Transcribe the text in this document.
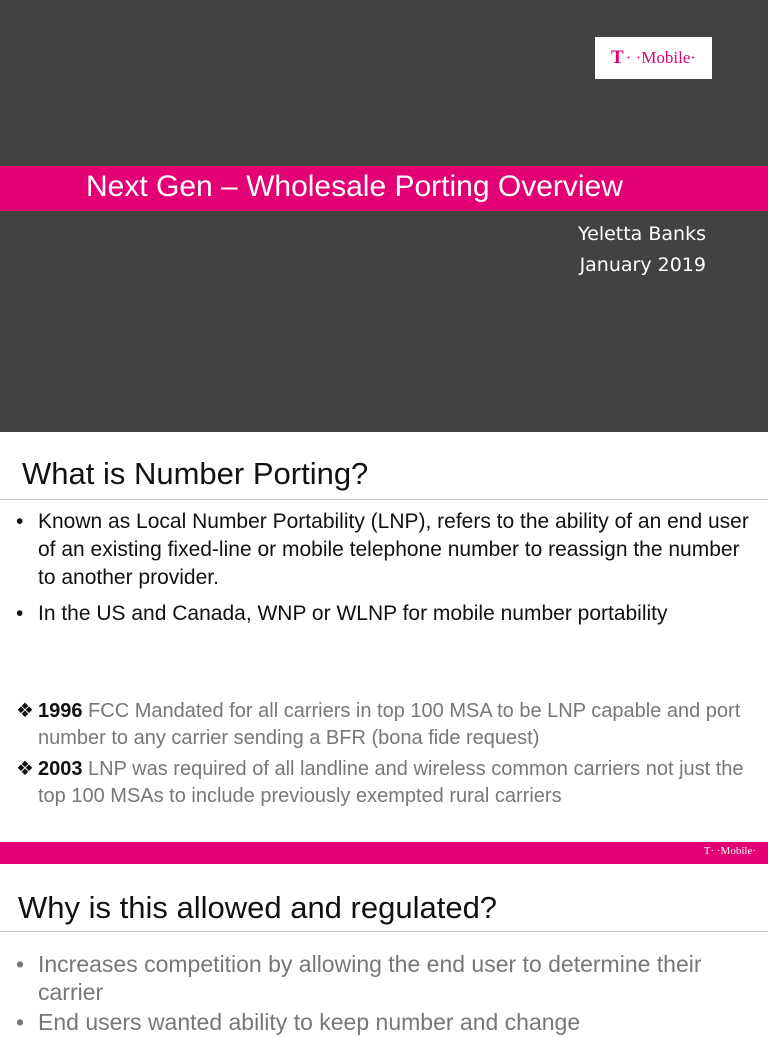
T · ·Mobile·
Next Gen – Wholesale Porting Overview
Yeletta Banks
January 2019
What is Number Porting?
• Known as Local Number Portability (LNP), refers to the ability of an end user of an existing fixed-line or mobile telephone number to reassign the number to another provider.
• In the US and Canada, WNP or WLNP for mobile number portability
❖ 1996 FCC Mandated for all carriers in top 100 MSA to be LNP capable and port number to any carrier sending a BFR (bona fide request)
❖ 2003 LNP was required of all landline and wireless common carriers not just the top 100 MSAs to include previously exempted rural carriers
T· ·Mobile·
Why is this allowed and regulated?
• Increases competition by allowing the end user to determine their carrier
• End users wanted ability to keep number and change
